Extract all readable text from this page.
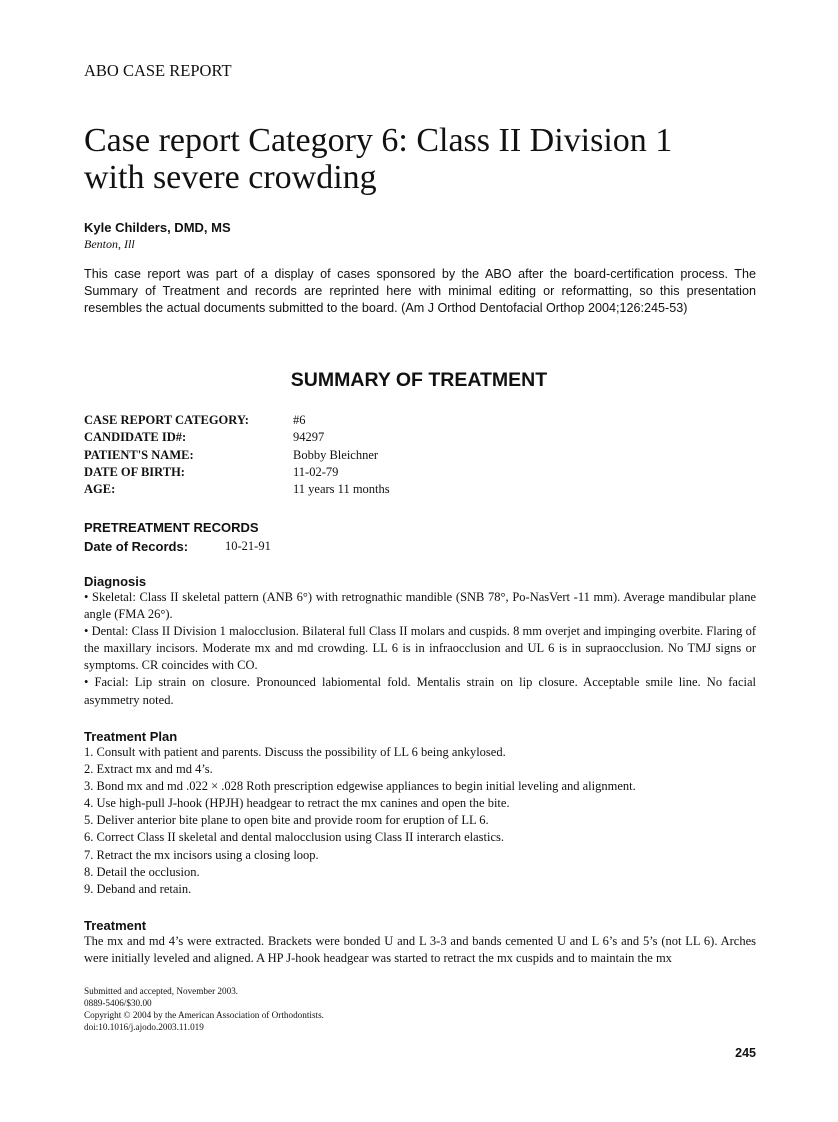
ABO CASE REPORT
Case report Category 6: Class II Division 1
with severe crowding
Kyle Childers, DMD, MS
Benton, Ill
This case report was part of a display of cases sponsored by the ABO after the board-certification process. The Summary of Treatment and records are reprinted here with minimal editing or reformatting, so this presentation resembles the actual documents submitted to the board. (Am J Orthod Dentofacial Orthop 2004;126:245-53)
SUMMARY OF TREATMENT
CASE REPORT CATEGORY:	#6
CANDIDATE ID#:	94297
PATIENT'S NAME:	Bobby Bleichner
DATE OF BIRTH:	11-02-79
AGE:	11 years 11 months
PRETREATMENT RECORDS
Date of Records:	10-21-91
Diagnosis

• Skeletal: Class II skeletal pattern (ANB 6°) with retrognathic mandible (SNB 78°, Po-NasVert -11 mm). Average mandibular plane angle (FMA 26°).

• Dental: Class II Division 1 malocclusion. Bilateral full Class II molars and cuspids. 8 mm overjet and impinging overbite. Flaring of the maxillary incisors. Moderate mx and md crowding. LL 6 is in infraocclusion and UL 6 is in supraocclusion. No TMJ signs or symptoms. CR coincides with CO.

• Facial: Lip strain on closure. Pronounced labiomental fold. Mentalis strain on lip closure. Acceptable smile line. No facial asymmetry noted.

Treatment Plan

1. Consult with patient and parents. Discuss the possibility of LL 6 being ankylosed.

2. Extract mx and md 4’s.

3. Bond mx and md .022 × .028 Roth prescription edgewise appliances to begin initial leveling and alignment.

4. Use high-pull J-hook (HPJH) headgear to retract the mx canines and open the bite.

5. Deliver anterior bite plane to open bite and provide room for eruption of LL 6.

6. Correct Class II skeletal and dental malocclusion using Class II interarch elastics.

7. Retract the mx incisors using a closing loop.

8. Detail the occlusion.

9. Deband and retain.

Treatment

The mx and md 4’s were extracted. Brackets were bonded U and L 3-3 and bands cemented U and L 6’s and 5’s (not LL 6). Arches were initially leveled and aligned. A HP J-hook headgear was started to retract the mx cuspids and to maintain the mx

Submitted and accepted, November 2003.
0889-5406/$30.00
Copyright © 2004 by the American Association of Orthodontists.
doi:10.1016/j.ajodo.2003.11.019
245
